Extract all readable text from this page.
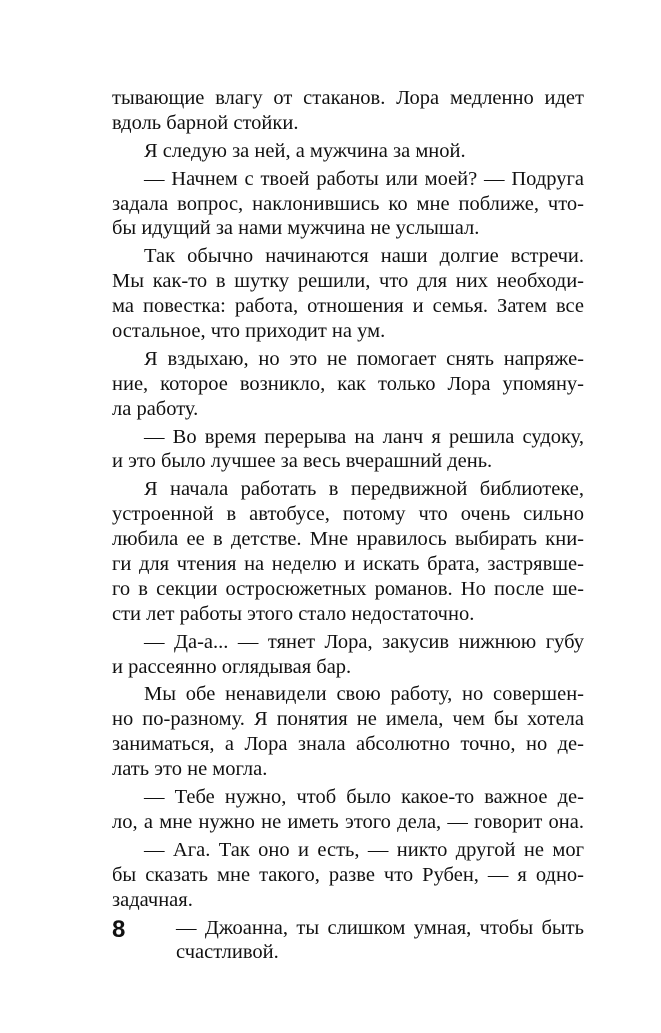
тывающие влагу от стаканов. Лора медленно идет
вдоль барной стойки.
Я следую за ней, а мужчина за мной.
— Начнем с твоей работы или моей? — Подруга
задала вопрос, наклонившись ко мне поближе, что-
бы идущий за нами мужчина не услышал.
Так обычно начинаются наши долгие встречи.
Мы как-то в шутку решили, что для них необходи-
ма повестка: работа, отношения и семья. Затем все
остальное, что приходит на ум.
Я вздыхаю, но это не помогает снять напряже-
ние, которое возникло, как только Лора упомяну-
ла работу.
— Во время перерыва на ланч я решила судоку,
и это было лучшее за весь вчерашний день.
Я начала работать в передвижной библиотеке,
устроенной в автобусе, потому что очень сильно
любила ее в детстве. Мне нравилось выбирать кни-
ги для чтения на неделю и искать брата, застрявше-
го в секции остросюжетных романов. Но после ше-
сти лет работы этого стало недостаточно.
— Да-а... — тянет Лора, закусив нижнюю губу
и рассеянно оглядывая бар.
Мы обе ненавидели свою работу, но совершен-
но по-разному. Я понятия не имела, чем бы хотела
заниматься, а Лора знала абсолютно точно, но де-
лать это не могла.
— Тебе нужно, чтоб было какое-то важное де-
ло, а мне нужно не иметь этого дела, — говорит она.
— Ага. Так оно и есть, — никто другой не мог
бы сказать мне такого, разве что Рубен, — я одно-
задачная.
— Джоанна, ты слишком умная, чтобы быть
счастливой.
8
